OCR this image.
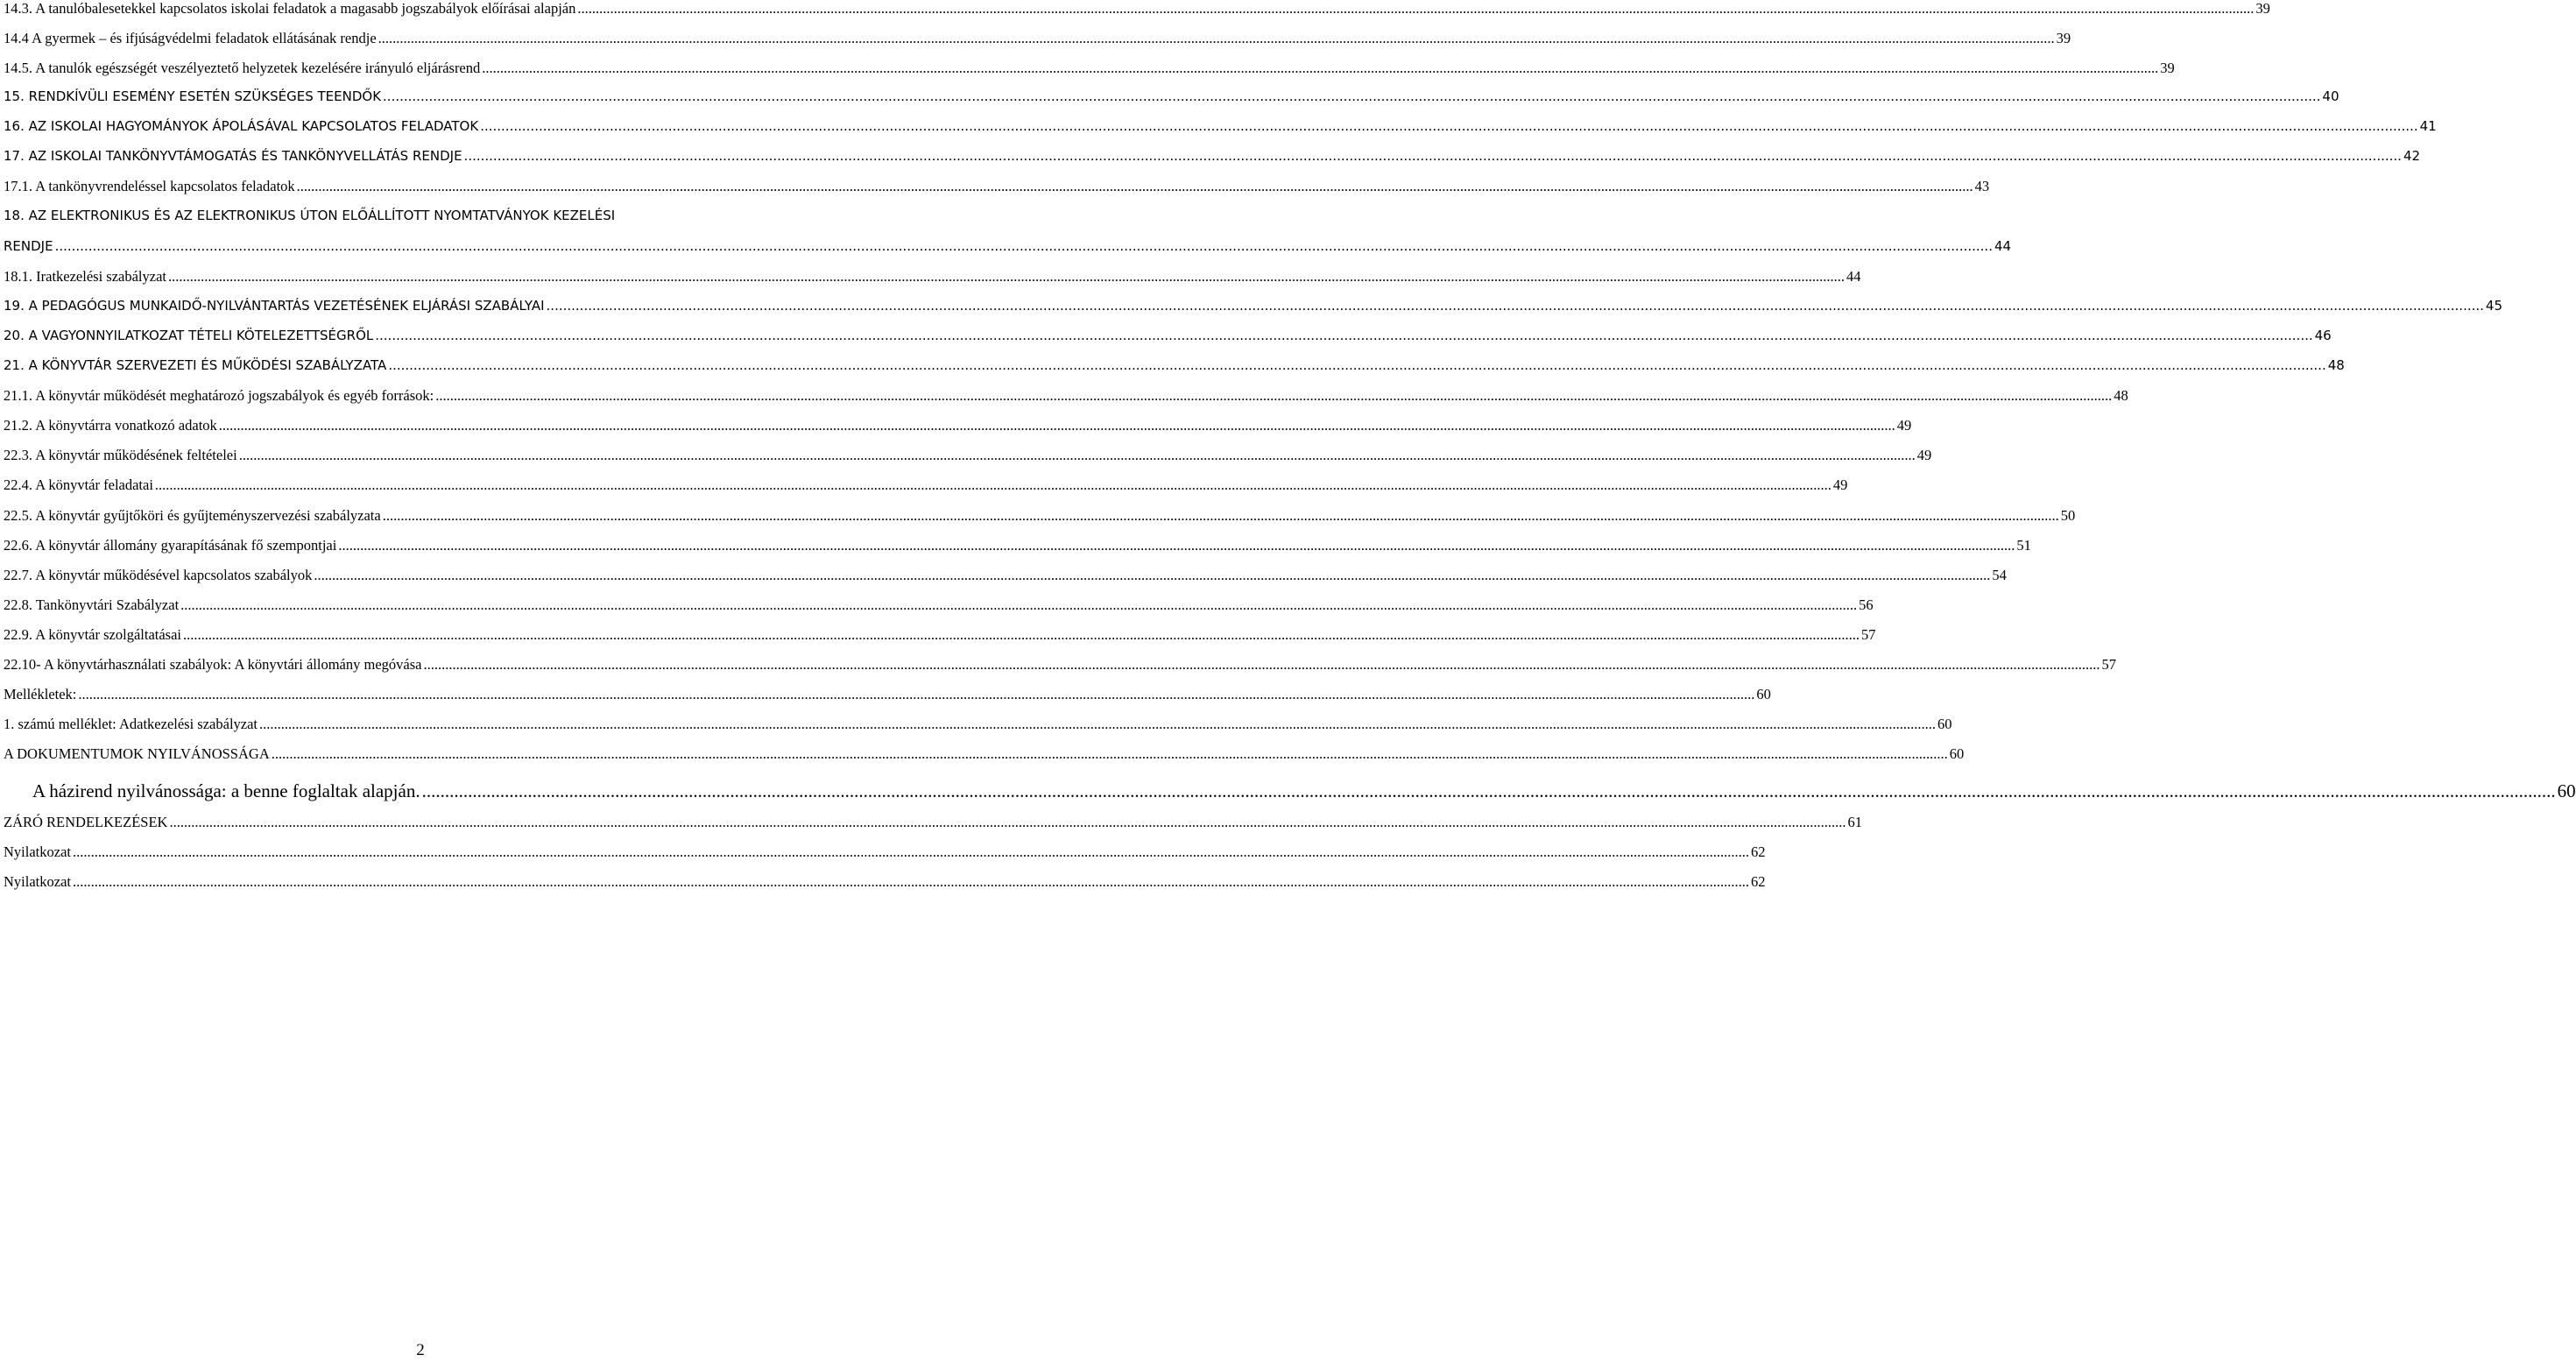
14.3. A tanulóbalesetekkel kapcsolatos iskolai feladatok a magasabb jogszabályok előírásai alapján .....	39
14.4 A gyermek – és ifjúságvédelmi feladatok ellátásának rendje .....	39
14.5. A tanulók egészségét veszélyeztető helyzetek kezelésére irányuló eljárásrend .....	39
15. RENDKÍVÜLI ESEMÉNY ESETÉN SZÜKSÉGES TEENDŐK .....	40
16. AZ ISKOLAI HAGYOMÁNYOK ÁPOLÁSÁVAL KAPCSOLATOS FELADATOK .....	41
17. AZ ISKOLAI TANKÖNYVTÁMOGATÁS ÉS TANKÖNYVELLÁTÁS RENDJE .....	42
17.1. A tankönyvrendeléssel kapcsolatos feladatok .....	43
18. AZ ELEKTRONIKUS ÉS AZ ELEKTRONIKUS ÚTON ELŐÁLLÍTOTT NYOMTATVÁNYOK KEZELÉSI
RENDJE .....	44
18.1. Iratkezelési szabályzat .....	44
19. A PEDAGÓGUS MUNKAIDŐ-NYILVÁNTARTÁS VEZETÉSÉNEK ELJÁRÁSI SZABÁLYAI .....	45
20. A VAGYONNYILATKOZAT TÉTELI KÖTELEZETTSÉGRŐL .....	46
21. A KÖNYVTÁR SZERVEZETI ÉS MŰKÖDÉSI SZABÁLYZATA .....	48
21.1. A könyvtár működését meghatározó jogszabályok és egyéb források: .....	48
21.2. A könyvtárra vonatkozó adatok .....	49
22.3. A könyvtár működésének feltételei .....	49
22.4. A könyvtár feladatai .....	49
22.5. A könyvtár gyűjtőköri és gyűjteményszervezési szabályzata .....	50
22.6. A könyvtár állomány gyarapításának fő szempontjai .....	51
22.7. A könyvtár működésével kapcsolatos szabályok .....	54
22.8. Tankönyvtári Szabályzat .....	56
22.9. A könyvtár szolgáltatásai .....	57
22.10- A könyvtárhasználati szabályok: A könyvtári állomány megóvása .....	57
Mellékletek: .....	60
1. számú melléklet: Adatkezelési szabályzat .....	60
A DOKUMENTUMOK NYILVÁNOSSÁGA .....	60
A házirend nyilvánossága: a benne foglaltak alapján. .....	60
ZÁRÓ RENDELKEZÉSEK .....	61
Nyilatkozat .....	62
Nyilatkozat .....	62
2
